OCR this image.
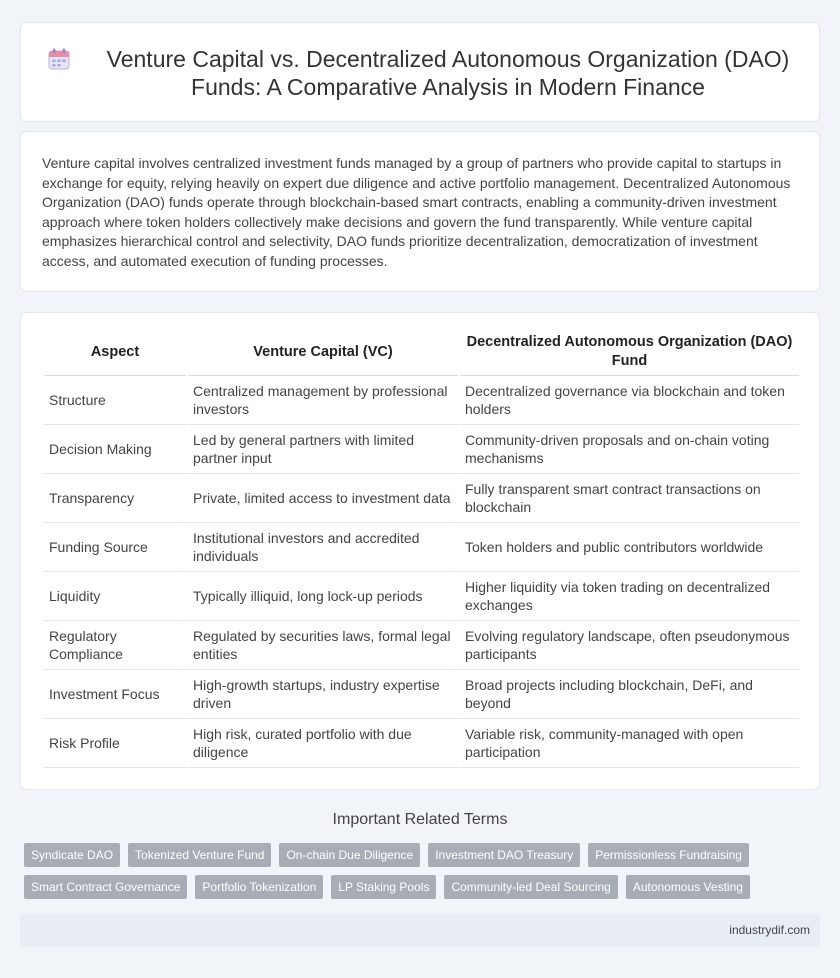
Venture Capital vs. Decentralized Autonomous Organization (DAO) Funds: A Comparative Analysis in Modern Finance

Venture capital involves centralized investment funds managed by a group of partners who provide capital to startups in exchange for equity, relying heavily on expert due diligence and active portfolio management. Decentralized Autonomous Organization (DAO) funds operate through blockchain-based smart contracts, enabling a community-driven investment approach where token holders collectively make decisions and govern the fund transparently. While venture capital emphasizes hierarchical control and selectivity, DAO funds prioritize decentralization, democratization of investment access, and automated execution of funding processes.

Aspect	Venture Capital (VC)	Decentralized Autonomous Organization (DAO) Fund
Structure	Centralized management by professional investors	Decentralized governance via blockchain and token holders
Decision Making	Led by general partners with limited partner input	Community-driven proposals and on-chain voting mechanisms
Transparency	Private, limited access to investment data	Fully transparent smart contract transactions on blockchain
Funding Source	Institutional investors and accredited individuals	Token holders and public contributors worldwide
Liquidity	Typically illiquid, long lock-up periods	Higher liquidity via token trading on decentralized exchanges
Regulatory Compliance	Regulated by securities laws, formal legal entities	Evolving regulatory landscape, often pseudonymous participants
Investment Focus	High-growth startups, industry expertise driven	Broad projects including blockchain, DeFi, and beyond
Risk Profile	High risk, curated portfolio with due diligence	Variable risk, community-managed with open participation
Important Related Terms
Syndicate DAO	Tokenized Venture Fund	On-chain Due Diligence	Investment DAO Treasury	Permissionless Fundraising
Smart Contract Governance	Portfolio Tokenization	LP Staking Pools	Community-led Deal Sourcing	Autonomous Vesting
industrydif.com
